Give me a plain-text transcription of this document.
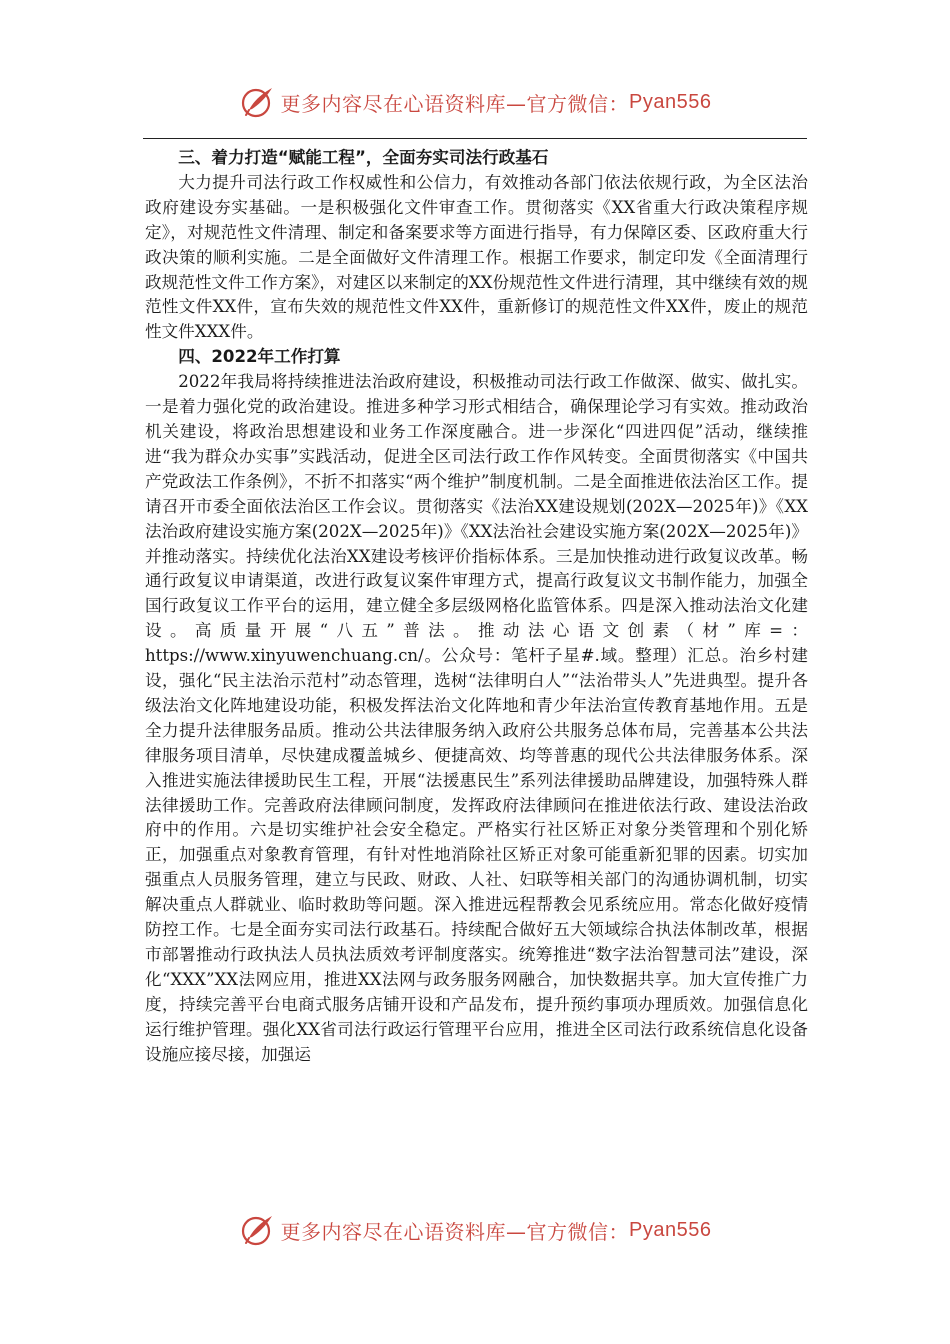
更多内容尽在心语资料库—官方微信： Pyan556
三、着力打造“赋能工程”，全面夯实司法行政基石

大力提升司法行政工作权威性和公信力，有效推动各部门依法依规行政，为全区法治政府建设夯实基础。一是积极强化文件审查工作。贯彻落实《XX省重大行政决策程序规定》，对规范性文件清理、制定和备案要求等方面进行指导，有力保障区委、区政府重大行政决策的顺利实施。二是全面做好文件清理工作。根据工作要求，制定印发《全面清理行政规范性文件工作方案》，对建区以来制定的XX份规范性文件进行清理，其中继续有效的规范性文件XX件，宣布失效的规范性文件XX件，重新修订的规范性文件XX件，废止的规范性文件XXX件。

四、2022年工作打算

2022年我局将持续推进法治政府建设，积极推动司法行政工作做深、做实、做扎实。一是着力强化党的政治建设。推进多种学习形式相结合，确保理论学习有实效。推动政治机关建设，将政治思想建设和业务工作深度融合。进一步深化“四进四促”活动，继续推进“我为群众办实事”实践活动，促进全区司法行政工作作风转变。全面贯彻落实《中国共产党政法工作条例》，不折不扣落实“两个维护”制度机制。二是全面推进依法治区工作。提请召开市委全面依法治区工作会议。贯彻落实《法治XX建设规划(202X—2025年)》《XX法治政府建设实施方案(202X—2025年)》《XX法治社会建设实施方案(202X—2025年)》并推动落实。持续优化法治XX建设考核评价指标体系。三是加快推动进行政复议改革。畅通行政复议申请渠道，改进行政复议案件审理方式，提高行政复议文书制作能力，加强全国行政复议工作平台的运用，建立健全多层级网格化监管体系。四是深入推动法治文化建设。高质量开展“八五”普法。推动法心语文创素（材”库=：https://www.xinyuwenchuang.cn/。公众号：笔杆子星#.域。整理）汇总。治乡村建设，强化“民主法治示范村”动态管理，选树“法律明白人”“法治带头人”先进典型。提升各级法治文化阵地建设功能，积极发挥法治文化阵地和青少年法治宣传教育基地作用。五是全力提升法律服务品质。推动公共法律服务纳入政府公共服务总体布局，完善基本公共法律服务项目清单，尽快建成覆盖城乡、便捷高效、均等普惠的现代公共法律服务体系。深入推进实施法律援助民生工程，开展“法援惠民生”系列法律援助品牌建设，加强特殊人群法律援助工作。完善政府法律顾问制度，发挥政府法律顾问在推进依法行政、建设法治政府中的作用。六是切实维护社会安全稳定。严格实行社区矫正对象分类管理和个别化矫正，加强重点对象教育管理，有针对性地消除社区矫正对象可能重新犯罪的因素。切实加强重点人员服务管理，建立与民政、财政、人社、妇联等相关部门的沟通协调机制，切实解决重点人群就业、临时救助等问题。深入推进远程帮教会见系统应用。常态化做好疫情防控工作。七是全面夯实司法行政基石。持续配合做好五大领域综合执法体制改革，根据市部署推动行政执法人员执法质效考评制度落实。统筹推进“数字法治智慧司法”建设，深化“XXX”XX法网应用，推进XX法网与政务服务网融合，加快数据共享。加大宣传推广力度，持续完善平台电商式服务店铺开设和产品发布，提升预约事项办理质效。加强信息化运行维护管理。强化XX省司法行政运行管理平台应用，推进全区司法行政系统信息化设备设施应接尽接，加强运

更多内容尽在心语资料库—官方微信： Pyan556
